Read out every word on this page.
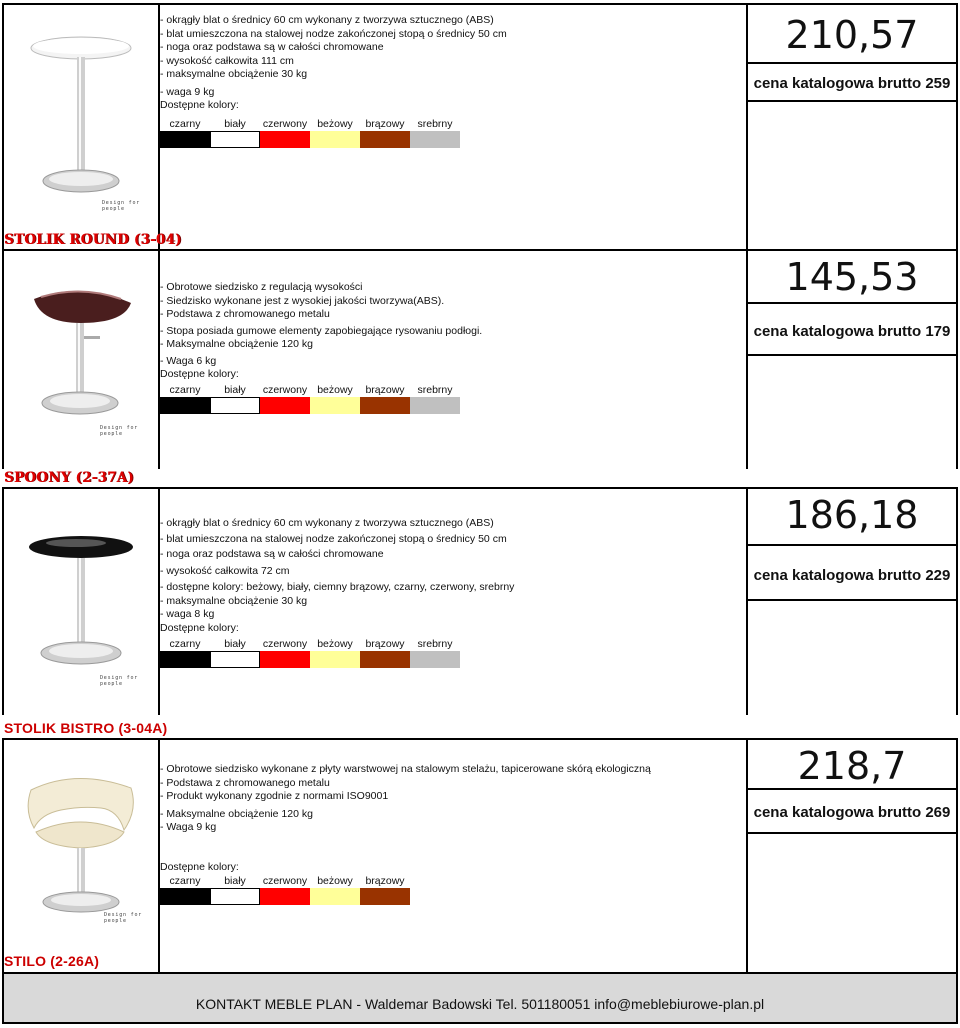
Design for people
- okrągły blat o średnicy 60 cm wykonany z tworzywa sztucznego (ABS)
- blat umieszczona na stalowej nodze zakończonej stopą o średnicy 50 cm
- noga oraz podstawa są w całości chromowane
- wysokość całkowita 111 cm
- maksymalne obciążenie 30 kg
- waga 9 kg
Dostępne kolory:
czarny	biały	czerwony beżowy	brązowy	srebrny
210,57
cena katalogowa brutto 259
STOLIK ROUND (3-04)
Design for people
- Obrotowe siedzisko z regulacją wysokości
- Siedzisko wykonane jest z wysokiej jakości tworzywa(ABS).
- Podstawa z chromowanego metalu
- Stopa posiada gumowe elementy zapobiegające rysowaniu podłogi.
- Maksymalne obciążenie 120 kg
- Waga 6 kg
Dostępne kolory:
czarny	biały	czerwony beżowy	brązowy	srebrny
145,53
cena katalogowa brutto 179
SPOONY (2-37A)
Design for people
- okrągły blat o średnicy 60 cm wykonany z tworzywa sztucznego (ABS)
- blat umieszczona na stalowej nodze zakończonej stopą o średnicy 50 cm
- noga oraz podstawa są w całości chromowane
- wysokość całkowita 72 cm
- dostępne kolory: beżowy, biały, ciemny brązowy, czarny, czerwony, srebrny
- maksymalne obciążenie 30 kg
- waga 8 kg
Dostępne kolory:
czarny	biały	czerwony beżowy	brązowy	srebrny
186,18
cena katalogowa brutto 229
STOLIK BISTRO (3-04A)
Design for people
- Obrotowe siedzisko wykonane z płyty warstwowej na stalowym stelażu, tapicerowane skórą ekologiczną
- Podstawa z chromowanego metalu
- Produkt wykonany zgodnie z normami ISO9001
- Maksymalne obciążenie 120 kg
- Waga 9 kg
Dostępne kolory:
czarny	biały	czerwony beżowy	brązowy
218,7
cena katalogowa brutto 269
STILO (2-26A)
KONTAKT MEBLE PLAN - Waldemar Badowski Tel. 501180051 info@meblebiurowe-plan.pl
